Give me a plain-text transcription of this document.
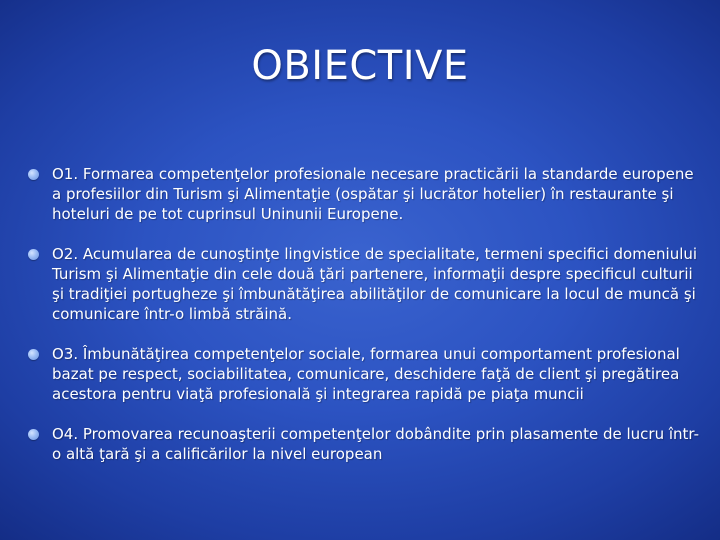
OBIECTIVE
O1. Formarea competenţelor profesionale necesare practicării la standarde europene a profesiilor din Turism şi Alimentaţie (ospătar şi lucrător hotelier) în restaurante şi hoteluri de pe tot cuprinsul Uninunii Europene.
O2. Acumularea de cunoştinţe lingvistice de specialitate, termeni specifici domeniului Turism şi Alimentaţie din cele două ţări partenere, informaţii despre specificul culturii şi tradiţiei portugheze şi îmbunătăţirea abilităţilor de comunicare la locul de muncă şi comunicare într-o limbă străină.
O3. Îmbunătăţirea competenţelor sociale, formarea unui comportament profesional bazat pe respect, sociabilitatea, comunicare, deschidere faţă de client şi pregătirea acestora pentru viaţă profesională şi integrarea rapidă pe piaţa muncii
O4. Promovarea recunoaşterii competenţelor dobândite prin plasamente de lucru într-o altă ţară şi a calificărilor la nivel european
